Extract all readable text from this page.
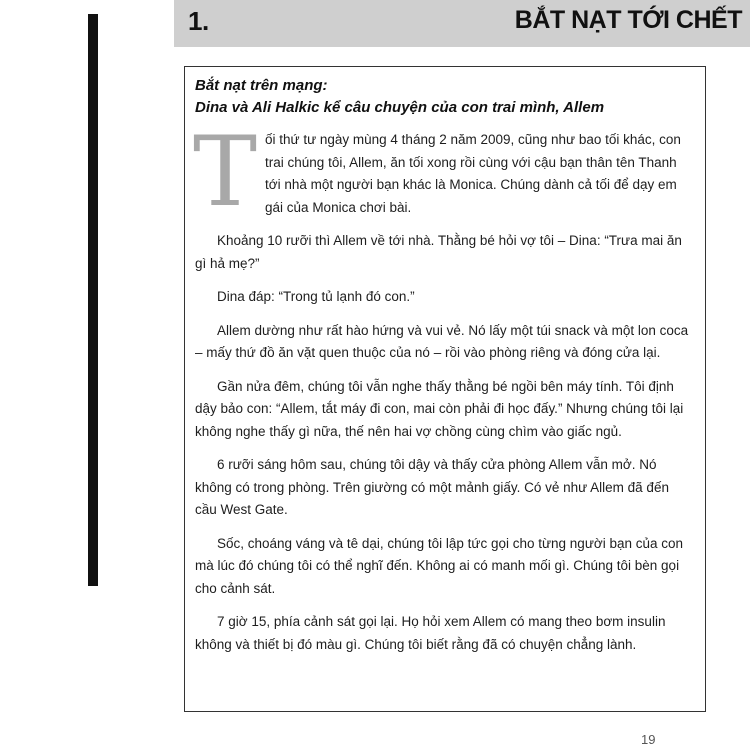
1.	BẮT NẠT TỚI CHẾT
Bắt nạt trên mạng:
Dina và Ali Halkic kể câu chuyện của con trai mình, Allem

Tối thứ tư ngày mùng 4 tháng 2 năm 2009, cũng như bao tối khác, con trai chúng tôi, Allem, ăn tối xong rồi cùng với cậu bạn thân tên Thanh tới nhà một người bạn khác là Monica. Chúng dành cả tối để dạy em gái của Monica chơi bài.

Khoảng 10 rưỡi thì Allem về tới nhà. Thằng bé hỏi vợ tôi – Dina: “Trưa mai ăn gì hả mẹ?”

Dina đáp: “Trong tủ lạnh đó con.”

Allem dường như rất hào hứng và vui vẻ. Nó lấy một túi snack và một lon coca – mấy thứ đồ ăn vặt quen thuộc của nó – rồi vào phòng riêng và đóng cửa lại.

Gần nửa đêm, chúng tôi vẫn nghe thấy thằng bé ngồi bên máy tính. Tôi định dậy bảo con: “Allem, tắt máy đi con, mai còn phải đi học đấy.” Nhưng chúng tôi lại không nghe thấy gì nữa, thế nên hai vợ chồng cùng chìm vào giấc ngủ.

6 rưỡi sáng hôm sau, chúng tôi dậy và thấy cửa phòng Allem vẫn mở. Nó không có trong phòng. Trên giường có một mảnh giấy. Có vẻ như Allem đã đến cầu West Gate.

Sốc, choáng váng và tê dại, chúng tôi lập tức gọi cho từng người bạn của con mà lúc đó chúng tôi có thể nghĩ đến. Không ai có manh mối gì. Chúng tôi bèn gọi cho cảnh sát.

7 giờ 15, phía cảnh sát gọi lại. Họ hỏi xem Allem có mang theo bơm insulin không và thiết bị đó màu gì. Chúng tôi biết rằng đã có chuyện chẳng lành.

19
